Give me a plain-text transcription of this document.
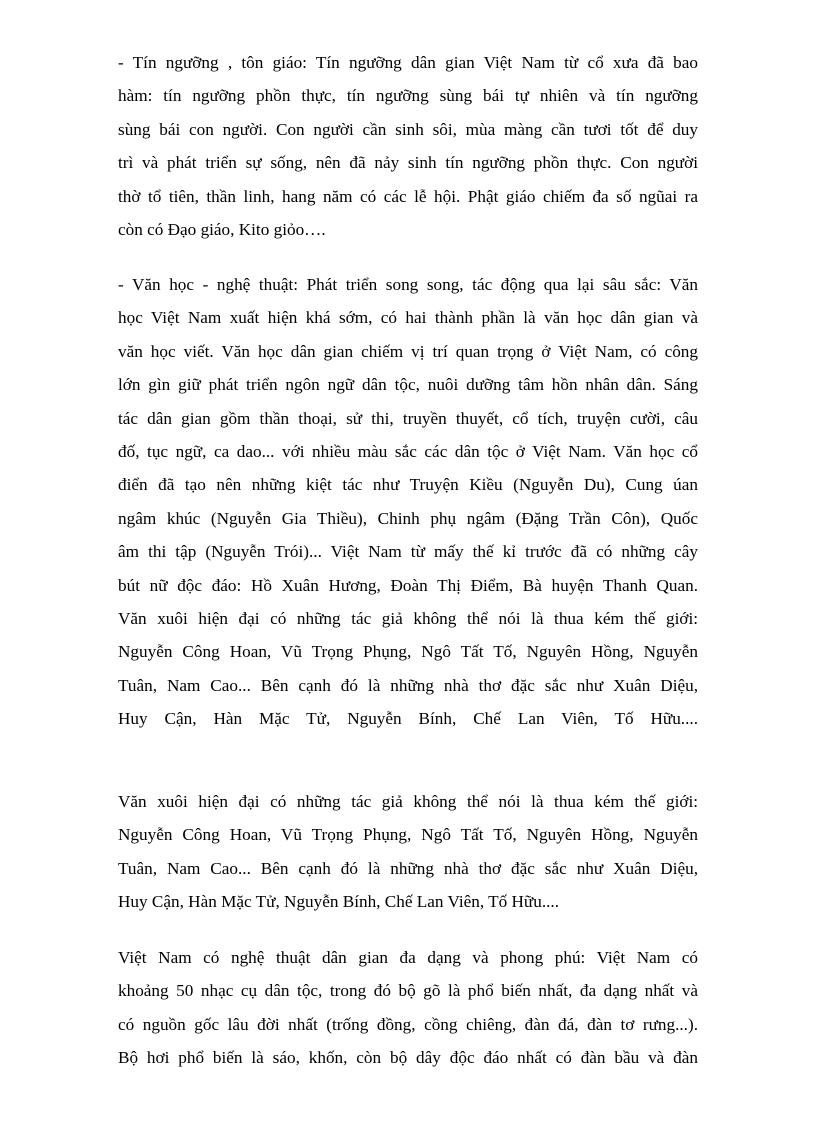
- Tín ngưỡng , tôn giáo: Tín ngưỡng dân gian Việt Nam từ cổ xưa đã bao
hàm: tín ngưỡng phồn thực, tín ngưỡng sùng bái tự nhiên và tín ngưỡng
sùng bái con người. Con người cần sinh sôi, mùa màng cần tươi tốt để duy
trì và phát triển sự sống, nên đã nảy sinh tín ngưỡng phồn thực. Con người
thờ tổ tiên, thần linh, hang năm có các lễ hội. Phật giáo chiếm đa số ngũai ra
còn có Đạo giáo, Kito giỏo….
- Văn học - nghệ thuật: Phát triển song song, tác động qua lại sâu sắc: Văn
học Việt Nam xuất hiện khá sớm, có hai thành phần là văn học dân gian và
văn học viết. Văn học dân gian chiếm vị trí quan trọng ở Việt Nam, có công
lớn gìn giữ phát triển ngôn ngữ dân tộc, nuôi dưỡng tâm hồn nhân dân. Sáng
tác dân gian gồm thần thoại, sử thi, truyền thuyết, cổ tích, truyện cười, câu
đố, tục ngữ, ca dao... với nhiều màu sắc các dân tộc ở Việt Nam. Văn học cổ
điển đã tạo nên những kiệt tác như Truyện Kiều (Nguyễn Du), Cung úan
ngâm khúc (Nguyễn Gia Thiều), Chinh phụ ngâm (Đặng Trần Côn), Quốc
âm thi tập (Nguyễn Trói)... Việt Nam từ mấy thế kỉ trước đã có những cây
bút nữ độc đáo: Hồ Xuân Hương, Đoàn Thị Điểm, Bà huyện Thanh Quan.
Văn xuôi hiện đại có những tác giả không thể nói là thua kém thế giới:
Nguyễn Công Hoan, Vũ Trọng Phụng, Ngô Tất Tố, Nguyên Hồng, Nguyễn
Tuân, Nam Cao... Bên cạnh đó là những nhà thơ đặc sắc như Xuân Diệu,
Huy Cận, Hàn Mặc Tử, Nguyễn Bính, Chế Lan Viên, Tố Hữu....
Văn xuôi hiện đại có những tác giả không thể nói là thua kém thế giới:
Nguyễn Công Hoan, Vũ Trọng Phụng, Ngô Tất Tố, Nguyên Hồng, Nguyễn
Tuân, Nam Cao... Bên cạnh đó là những nhà thơ đặc sắc như Xuân Diệu,
Huy Cận, Hàn Mặc Tử, Nguyễn Bính, Chế Lan Viên, Tố Hữu....
Việt Nam có nghệ thuật dân gian đa dạng và phong phú: Việt Nam có
khoảng 50 nhạc cụ dân tộc, trong đó bộ gõ là phổ biến nhất, đa dạng nhất và
có nguồn gốc lâu đời nhất (trống đồng, cồng chiêng, đàn đá, đàn tơ rưng...).
Bộ hơi phổ biến là sáo, khốn, còn bộ dây độc đáo nhất có đàn bầu và đàn
